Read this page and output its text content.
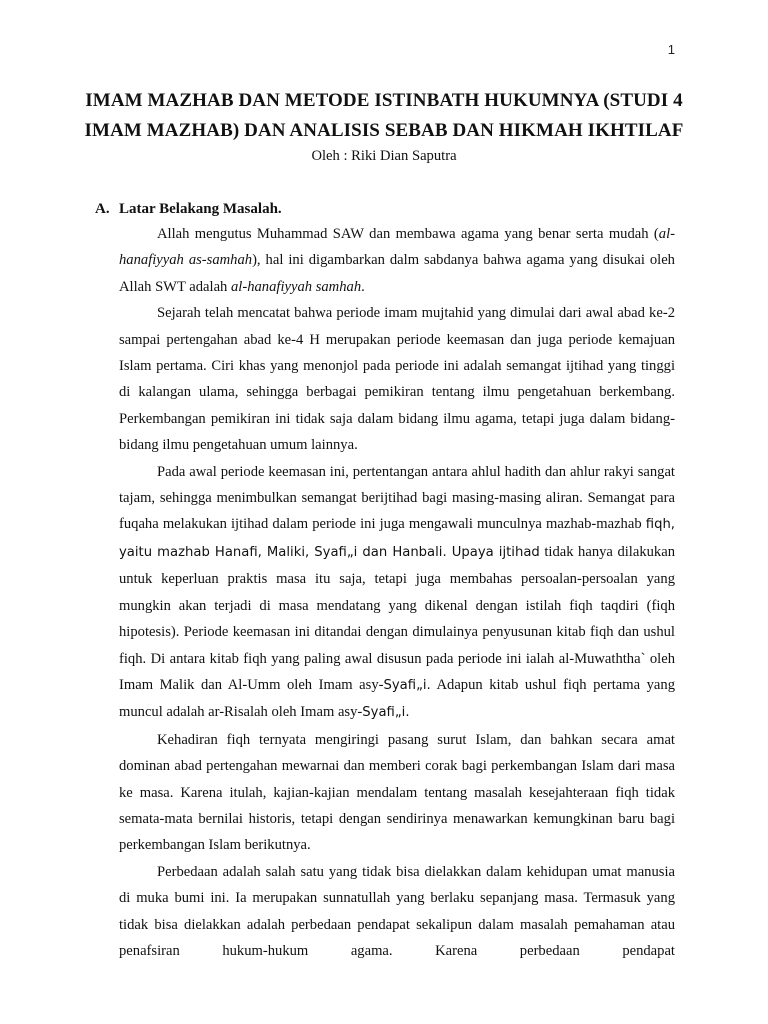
1
IMAM MAZHAB DAN METODE ISTINBATH HUKUMNYA (STUDI 4
IMAM MAZHAB) DAN ANALISIS SEBAB DAN HIKMAH IKHTILAF
Oleh : Riki Dian Saputra
A. Latar Belakang Masalah.

Allah mengutus Muhammad SAW dan membawa agama yang benar serta mudah (al-hanafiyyah as-samhah), hal ini digambarkan dalm sabdanya bahwa agama yang disukai oleh Allah SWT adalah al-hanafiyyah samhah.

Sejarah telah mencatat bahwa periode imam mujtahid yang dimulai dari awal abad ke-2 sampai pertengahan abad ke-4 H merupakan periode keemasan dan juga periode kemajuan Islam pertama. Ciri khas yang menonjol pada periode ini adalah semangat ijtihad yang tinggi di kalangan ulama, sehingga berbagai pemikiran tentang ilmu pengetahuan berkembang. Perkembangan pemikiran ini tidak saja dalam bidang ilmu agama, tetapi juga dalam bidang-bidang ilmu pengetahuan umum lainnya.

Pada awal periode keemasan ini, pertentangan antara ahlul hadith dan ahlur rakyi sangat tajam, sehingga menimbulkan semangat berijtihad bagi masing-masing aliran. Semangat para fuqaha melakukan ijtihad dalam periode ini juga mengawali munculnya mazhab-mazhab fiqh, yaitu mazhab Hanafi, Maliki, Syafi„i dan Hanbali. Upaya ijtihad tidak hanya dilakukan untuk keperluan praktis masa itu saja, tetapi juga membahas persoalan-persoalan yang mungkin akan terjadi di masa mendatang yang dikenal dengan istilah fiqh taqdiri (fiqh hipotesis). Periode keemasan ini ditandai dengan dimulainya penyusunan kitab fiqh dan ushul fiqh. Di antara kitab fiqh yang paling awal disusun pada periode ini ialah al-Muwaththa` oleh Imam Malik dan Al-Umm oleh Imam asy-Syafi„i. Adapun kitab ushul fiqh pertama yang muncul adalah ar-Risalah oleh Imam asy-Syafi„i.

Kehadiran fiqh ternyata mengiringi pasang surut Islam, dan bahkan secara amat dominan abad pertengahan mewarnai dan memberi corak bagi perkembangan Islam dari masa ke masa. Karena itulah, kajian-kajian mendalam tentang masalah kesejahteraan fiqh tidak semata-mata bernilai historis, tetapi dengan sendirinya menawarkan kemungkinan baru bagi perkembangan Islam berikutnya.

Perbedaan adalah salah satu yang tidak bisa dielakkan dalam kehidupan umat manusia di muka bumi ini. Ia merupakan sunnatullah yang berlaku sepanjang masa. Termasuk yang tidak bisa dielakkan adalah perbedaan pendapat sekalipun dalam masalah pemahaman atau penafsiran hukum-hukum agama. Karena perbedaan pendapat
